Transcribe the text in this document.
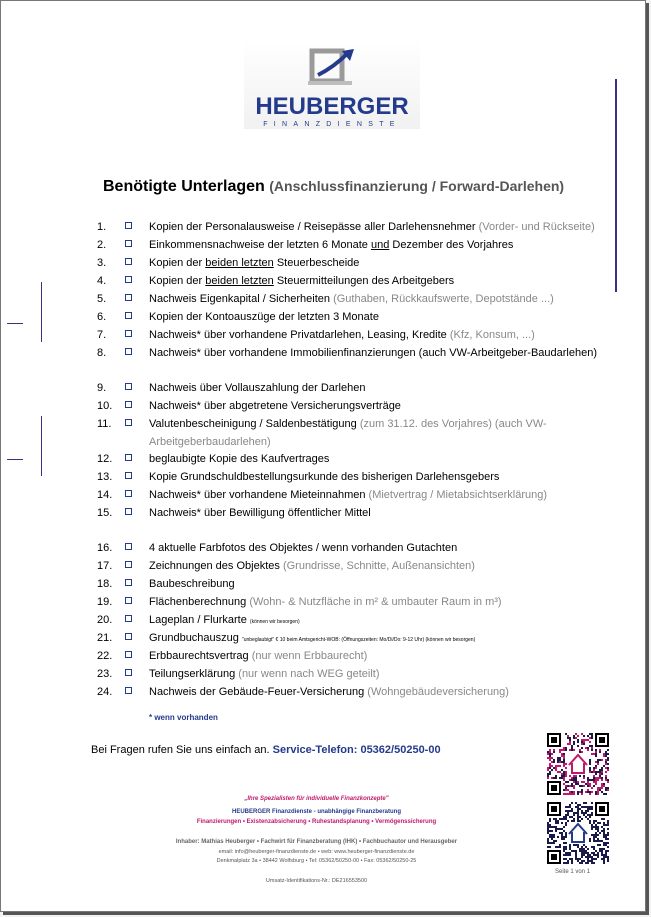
HEUBERGER
FINANZDIENSTE
Benötigte Unterlagen (Anschlussfinanzierung / Forward-Darlehen)
1.	Kopien der Personalausweise / Reisepässe aller Darlehensnehmer (Vorder- und Rückseite)
2.	Einkommensnachweise der letzten 6 Monate und Dezember des Vorjahres
3.	Kopien der beiden letzten Steuerbescheide
4.	Kopien der beiden letzten Steuermitteilungen des Arbeitgebers
5.	Nachweis Eigenkapital / Sicherheiten (Guthaben, Rückkaufswerte, Depotstände ...)
6.	Kopien der Kontoauszüge der letzten 3 Monate
7.	Nachweis* über vorhandene Privatdarlehen, Leasing, Kredite (Kfz, Konsum, ...)
8.	Nachweis* über vorhandene Immobilienfinanzierungen (auch VW-Arbeitgeber-Baudarlehen)
9.	Nachweis über Vollauszahlung der Darlehen
10.	Nachweis* über abgetretene Versicherungsverträge
11.	Valutenbescheinigung / Saldenbestätigung (zum 31.12. des Vorjahres) (auch VW-Arbeitgeberbaudarlehen)
12.	beglaubigte Kopie des Kaufvertrages
13.	Kopie Grundschuldbestellungsurkunde des bisherigen Darlehensgebers
14.	Nachweis* über vorhandene Mieteinnahmen (Mietvertrag / Mietabsichtserklärung)
15.	Nachweis* über Bewilligung öffentlicher Mittel
16.	4 aktuelle Farbfotos des Objektes / wenn vorhanden Gutachten
17.	Zeichnungen des Objektes (Grundrisse, Schnitte, Außenansichten)
18.	Baubeschreibung
19.	Flächenberechnung (Wohn- & Nutzfläche in m² & umbauter Raum in m³)
20.	Lageplan / Flurkarte (können wir besorgen)
21.	Grundbuchauszug "unbeglaubigt" € 10 beim Amtsgericht-WOB: (Öffnungszeiten: Mo/Di/Do: 9-12 Uhr) (können wir besorgen)
22.	Erbbaurechtsvertrag (nur wenn Erbbaurecht)
23.	Teilungserklärung (nur wenn nach WEG geteilt)
24.	Nachweis der Gebäude-Feuer-Versicherung (Wohngebäudeversicherung)
* wenn vorhanden
Bei Fragen rufen Sie uns einfach an. Service-Telefon: 05362/50250-00
„Ihre Spezialisten für individuelle Finanzkonzepte"
HEUBERGER Finanzdienste - unabhängige Finanzberatung
Finanzierungen • Existenzabsicherung • Ruhestandsplanung • Vermögenssicherung
Inhaber: Mathias Heuberger • Fachwirt für Finanzberatung (IHK) • Fachbuchautor und Herausgeber
email: info@heuberger-finanzdienste.de • web: www.heuberger-finanzdienste.de
Denkmalplatz 3a • 38442 Wolfsburg • Tel: 05362/50250-00 • Fax: 05362/50250-25
Umsatz-Identifikations-Nr.: DE216553500
Seite 1 von 1
